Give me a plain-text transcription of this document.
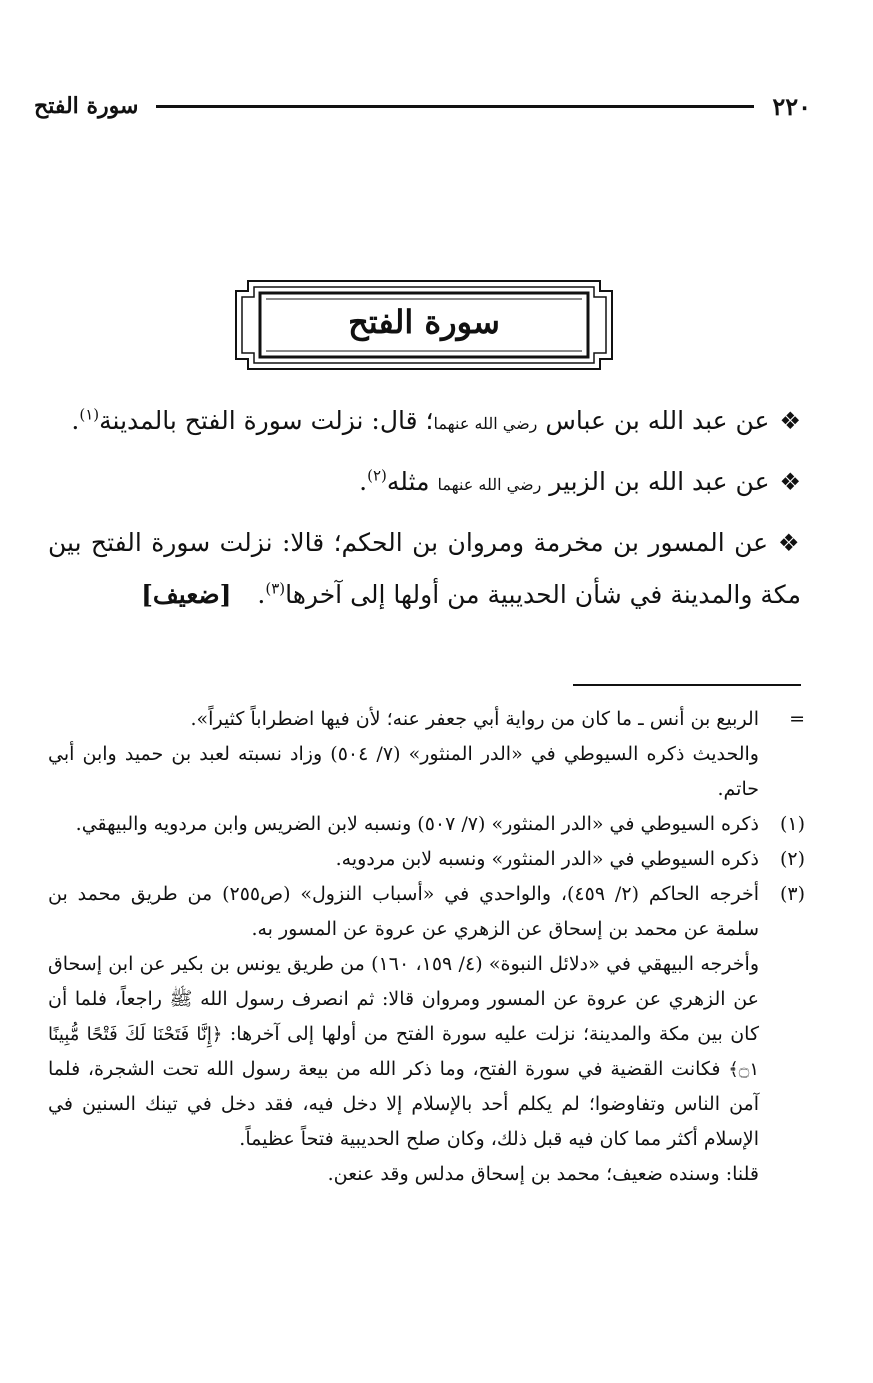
٢٢٠
سورة الفتح
سورة الفتح

❖عن عبد الله بن عباس رضي الله عنهما؛ قال: نزلت سورة الفتح بالمدينة$^{(١)}$.

❖عن عبد الله بن الزبير رضي الله عنهما مثله$^{(٢)}$.

❖عن المسور بن مخرمة ومروان بن الحكم؛ قالا: نزلت سورة الفتح بين مكة والمدينة في شأن الحديبية من أولها إلى آخرها$^{(٣)}$. [ضعيف]

=
الربيع بن أنس ـ ما كان من رواية أبي جعفر عنه؛ لأن فيها اضطراباً كثيراً».
والحديث ذكره السيوطي في «الدر المنثور» (٧/ ٥٠٤) وزاد نسبته لعبد بن حميد وابن أبي حاتم.
(١)
ذكره السيوطي في «الدر المنثور» (٧/ ٥٠٧) ونسبه لابن الضريس وابن مردويه والبيهقي.
(٢)
ذكره السيوطي في «الدر المنثور» ونسبه لابن مردويه.
(٣)
أخرجه الحاكم (٢/ ٤٥٩)، والواحدي في «أسباب النزول» (ص٢٥٥) من طريق محمد بن سلمة عن محمد بن إسحاق عن الزهري عن عروة عن المسور به.
وأخرجه البيهقي في «دلائل النبوة» (٤/ ١٥٩، ١٦٠) من طريق يونس بن بكير عن ابن إسحاق عن الزهري عن عروة عن المسور ومروان قالا: ثم انصرف رسول الله ﷺ راجعاً، فلما أن كان بين مكة والمدينة؛ نزلت عليه سورة الفتح من أولها إلى آخرها: ﴿إِنَّا فَتَحْنَا لَكَ فَتْحًا مُّبِينًا ۝١﴾ فكانت القضية في سورة الفتح، وما ذكر الله من بيعة رسول الله تحت الشجرة، فلما آمن الناس وتفاوضوا؛ لم يكلم أحد بالإسلام إلا دخل فيه، فقد دخل في تينك السنين في الإسلام أكثر مما كان فيه قبل ذلك، وكان صلح الحديبية فتحاً عظيماً.
قلنا: وسنده ضعيف؛ محمد بن إسحاق مدلس وقد عنعن.
